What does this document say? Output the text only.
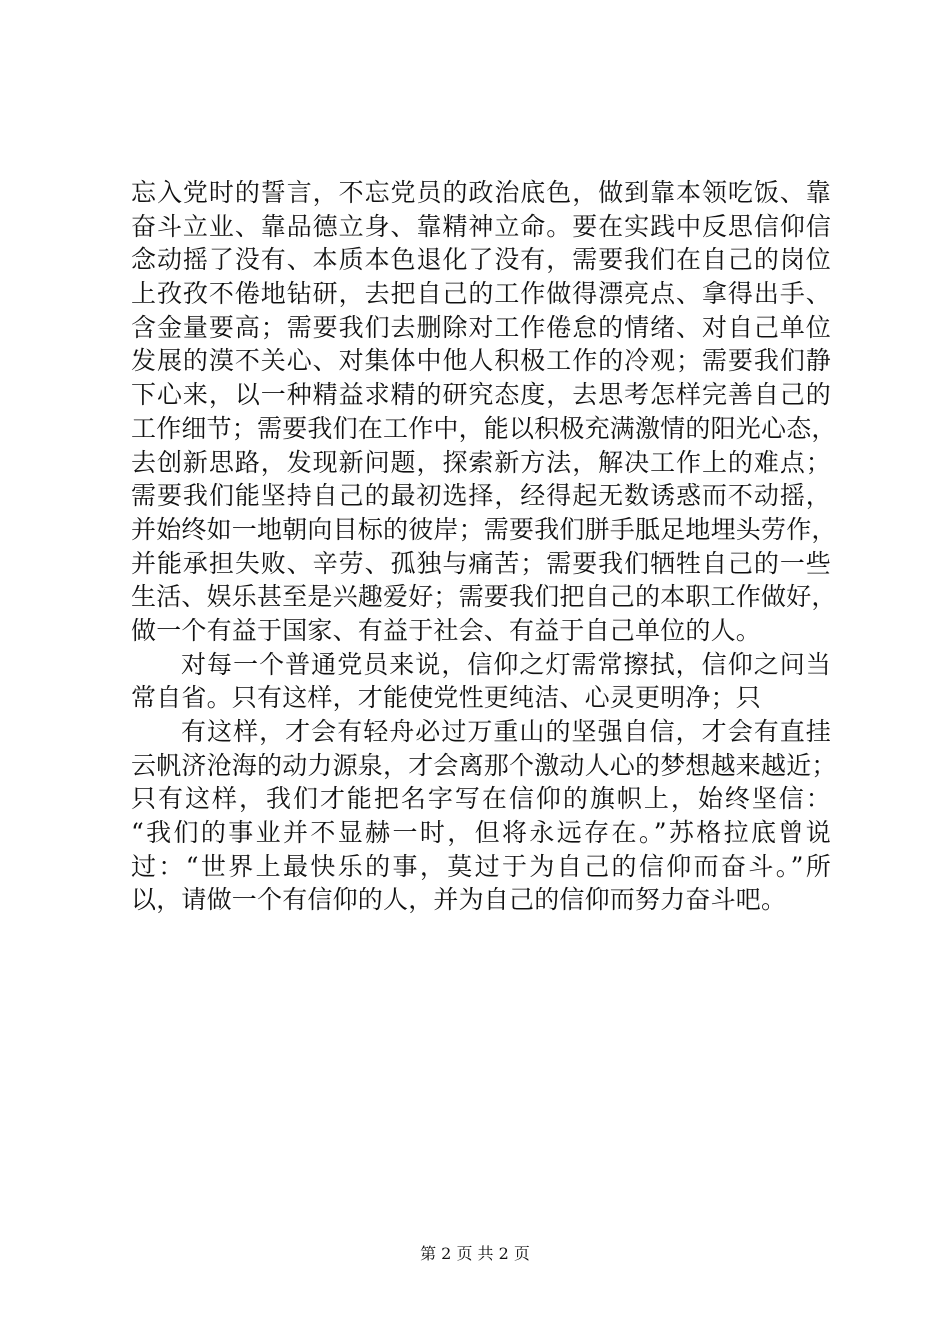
忘入党时的誓言，不忘党员的政治底色，做到靠本领吃饭、靠
奋斗立业、靠品德立身、靠精神立命。要在实践中反思信仰信
念动摇了没有、本质本色退化了没有，需要我们在自己的岗位
上孜孜不倦地钻研，去把自己的工作做得漂亮点、拿得出手、
含金量要高；需要我们去删除对工作倦怠的情绪、对自己单位
发展的漠不关心、对集体中他人积极工作的冷观；需要我们静
下心来，以一种精益求精的研究态度，去思考怎样完善自己的
工作细节；需要我们在工作中，能以积极充满激情的阳光心态，
去创新思路，发现新问题，探索新方法，解决工作上的难点；
需要我们能坚持自己的最初选择，经得起无数诱惑而不动摇，
并始终如一地朝向目标的彼岸；需要我们胼手胝足地埋头劳作，
并能承担失败、辛劳、孤独与痛苦；需要我们牺牲自己的一些
生活、娱乐甚至是兴趣爱好；需要我们把自己的本职工作做好，
做一个有益于国家、有益于社会、有益于自己单位的人。
对每一个普通党员来说，信仰之灯需常擦拭，信仰之问当
常自省。只有这样，才能使党性更纯洁、心灵更明净；只
有这样，才会有轻舟必过万重山的坚强自信，才会有直挂
云帆济沧海的动力源泉，才会离那个激动人心的梦想越来越近；
只有这样，我们才能把名字写在信仰的旗帜上，始终坚信：
“我们的事业并不显赫一时，但将永远存在。”苏格拉底曾说
过：“世界上最快乐的事，莫过于为自己的信仰而奋斗。”所
以，请做一个有信仰的人，并为自己的信仰而努力奋斗吧。
第 2 页 共 2 页
